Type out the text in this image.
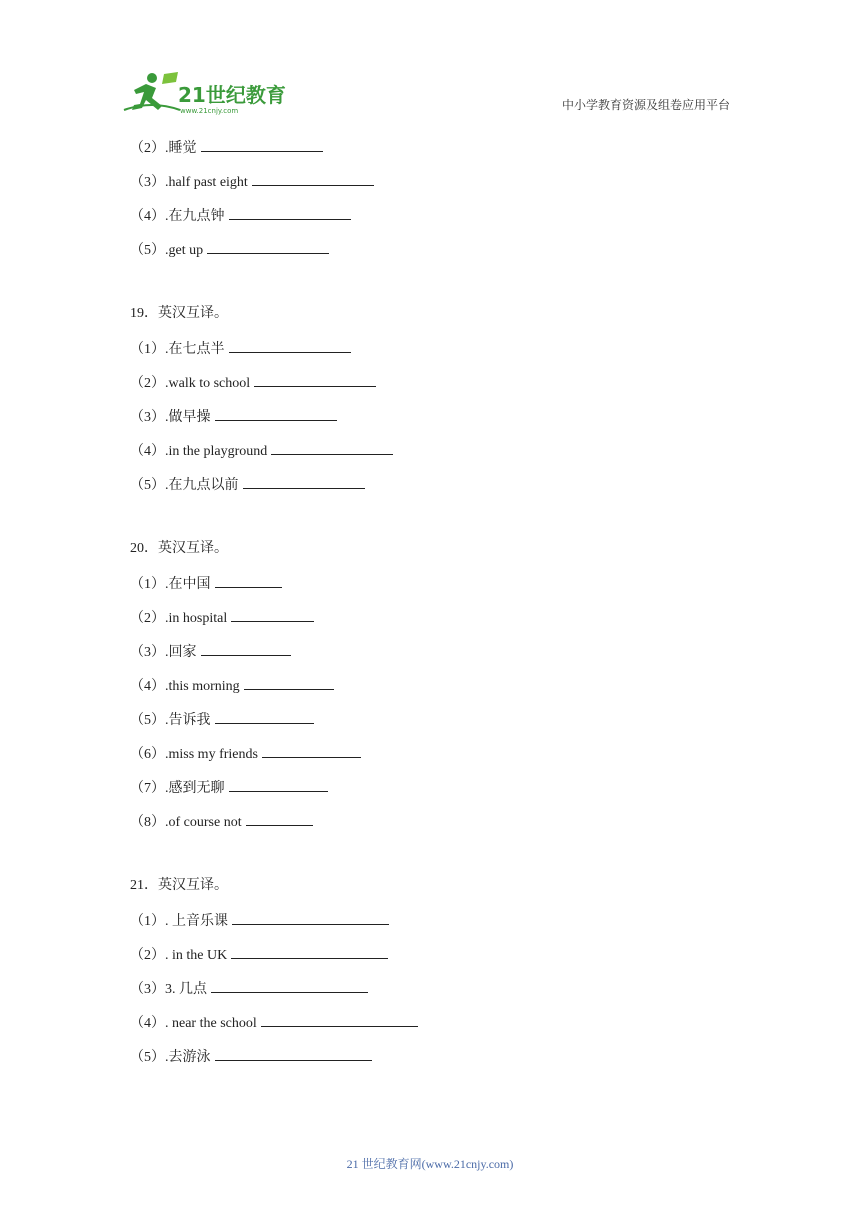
21世纪教育
www.21cnjy.com	中小学教育资源及组卷应用平台
（2）.睡觉
（3）.half past eight
（4）.在九点钟
（5）.get up
19．英汉互译。
（1）.在七点半
（2）.walk to school
（3）.做早操
（4）.in the playground
（5）.在九点以前
20．英汉互译。
（1）.在中国
（2）.in hospital
（3）.回家
（4）.this morning
（5）.告诉我
（6）.miss my friends
（7）.感到无聊
（8）.of course not
21．英汉互译。
（1）. 上音乐课
（2）. in the UK
（3）3. 几点
（4）. near the school
（5）.去游泳
21 世纪教育网(www.21cnjy.com)
